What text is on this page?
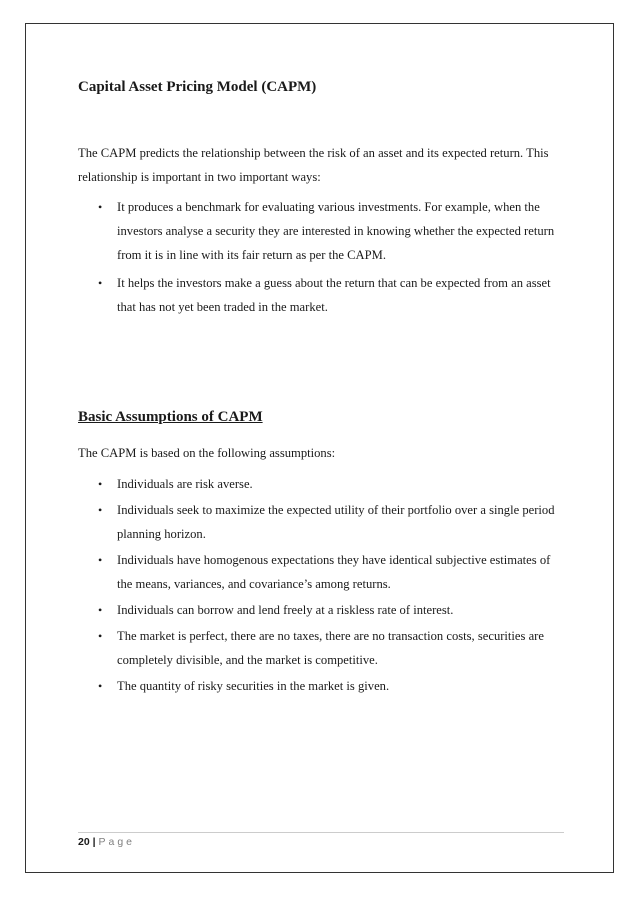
Capital Asset Pricing Model (CAPM)

The CAPM predicts the relationship between the risk of an asset and its expected return. This relationship is important in two important ways:

• It produces a benchmark for evaluating various investments. For example, when the investors analyse a security they are interested in knowing whether the expected return from it is in line with its fair return as per the CAPM.
• It helps the investors make a guess about the return that can be expected from an asset that has not yet been traded in the market.
Basic Assumptions of CAPM

The CAPM is based on the following assumptions:

• Individuals are risk averse.
• Individuals seek to maximize the expected utility of their portfolio over a single period planning horizon.
• Individuals have homogenous expectations they have identical subjective estimates of the means, variances, and covariance’s among returns.
• Individuals can borrow and lend freely at a riskless rate of interest.
• The market is perfect, there are no taxes, there are no transaction costs, securities are completely divisible, and the market is competitive.
• The quantity of risky securities in the market is given.
20 | Page
